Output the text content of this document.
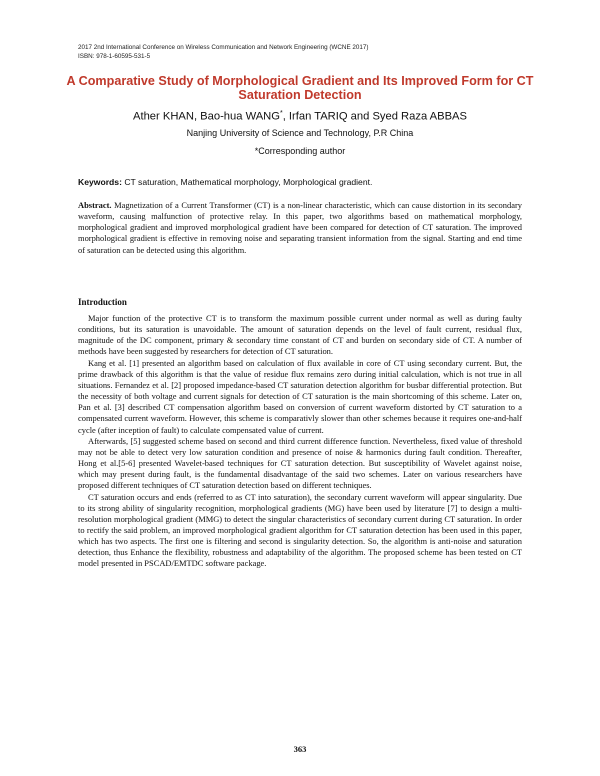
2017 2nd International Conference on Wireless Communication and Network Engineering (WCNE 2017)
ISBN: 978-1-60595-531-5
A Comparative Study of Morphological Gradient and Its Improved Form for CT Saturation Detection
Ather KHAN, Bao-hua WANG*, Irfan TARIQ and Syed Raza ABBAS
Nanjing University of Science and Technology, P.R China
*Corresponding author
Keywords: CT saturation, Mathematical morphology, Morphological gradient.
Abstract. Magnetization of a Current Transformer (CT) is a non-linear characteristic, which can cause distortion in its secondary waveform, causing malfunction of protective relay. In this paper, two algorithms based on mathematical morphology, morphological gradient and improved morphological gradient have been compared for detection of CT saturation. The improved morphological gradient is effective in removing noise and separating transient information from the signal. Starting and end time of saturation can be detected using this algorithm.
Introduction

Major function of the protective CT is to transform the maximum possible current under normal as well as during faulty conditions, but its saturation is unavoidable. The amount of saturation depends on the level of fault current, residual flux, magnitude of the DC component, primary & secondary time constant of CT and burden on secondary side of CT. A number of methods have been suggested by researchers for detection of CT saturation.

Kang et al. [1] presented an algorithm based on calculation of flux available in core of CT using secondary current. But, the prime drawback of this algorithm is that the value of residue flux remains zero during initial calculation, which is not true in all situations. Fernandez et al. [2] proposed impedance-based CT saturation detection algorithm for busbar differential protection. But the necessity of both voltage and current signals for detection of CT saturation is the main shortcoming of this scheme. Later on, Pan et al. [3] described CT compensation algorithm based on conversion of current waveform distorted by CT saturation to a compensated current waveform. However, this scheme is comparativly slower than other schemes because it requires one-and-half cycle (after inception of fault) to calculate compensated value of current.

Afterwards, [5] suggested scheme based on second and third current difference function. Nevertheless, fixed value of threshold may not be able to detect very low saturation condition and presence of noise & harmonics during fault condition. Thereafter, Hong et al.[5-6] presented Wavelet-based techniques for CT saturation detection. But susceptibility of Wavelet against noise, which may present during fault, is the fundamental disadvantage of the said two schemes. Later on various researchers have proposed different techniques of CT saturation detection based on different techniques.

CT saturation occurs and ends (referred to as CT into saturation), the secondary current waveform will appear singularity. Due to its strong ability of singularity recognition, morphological gradients (MG) have been used by literature [7] to design a multi-resolution morphological gradient (MMG) to detect the singular characteristics of secondary current during CT saturation. In order to rectify the said problem, an improved morphological gradient algorithm for CT saturation detection has been used in this paper, which has two aspects. The first one is filtering and second is singularity detection. So, the algorithm is anti-noise and saturation detection, thus Enhance the flexibility, robustness and adaptability of the algorithm. The proposed scheme has been tested on CT model presented in PSCAD/EMTDC software package.

363
